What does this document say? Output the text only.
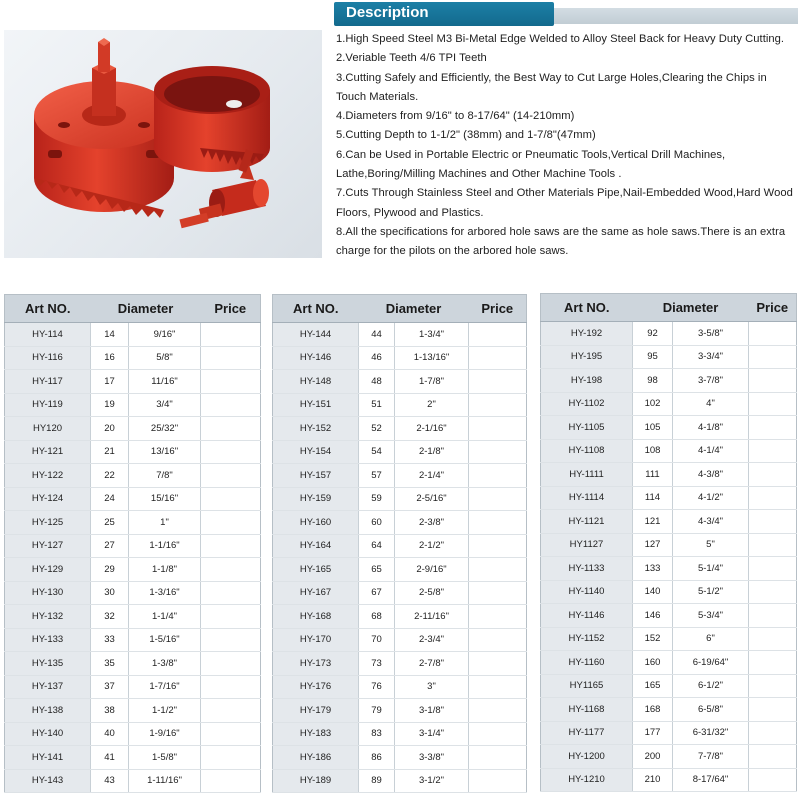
Description
1.High Speed Steel M3 Bi-Metal Edge Welded to Alloy Steel Back for Heavy Duty Cutting.
2.Veriable Teeth 4/6 TPI Teeth
3.Cutting Safely and Efficiently, the Best Way to Cut Large Holes,Clearing the Chips in Touch Materials.
4.Diameters from 9/16" to 8-17/64" (14-210mm)
5.Cutting Depth to 1-1/2" (38mm) and 1-7/8"(47mm)
6.Can be Used in Portable Electric or Pneumatic Tools,Vertical Drill Machines, Lathe,Boring/Milling Machines and Other Machine Tools .
7.Cuts Through Stainless Steel and Other Materials Pipe,Nail-Embedded Wood,Hard Wood Floors, Plywood and Plastics.
8.All the specifications for arbored hole saws are the same as hole saws.There is an extra charge for the pilots on the arbored hole saws.
Art NO.	Diameter		Price
HY-114	14	9/16"	
HY-116	16	5/8"	
HY-117	17	11/16"	
HY-119	19	3/4"	
HY120	20	25/32"	
HY-121	21	13/16"	
HY-122	22	7/8"	
HY-124	24	15/16"	
HY-125	25	1"	
HY-127	27	1-1/16"	
HY-129	29	1-1/8"	
HY-130	30	1-3/16"	
HY-132	32	1-1/4"	
HY-133	33	1-5/16"	
HY-135	35	1-3/8"	
HY-137	37	1-7/16"	
HY-138	38	1-1/2"	
HY-140	40	1-9/16"	
HY-141	41	1-5/8"	
HY-143	43	1-11/16"	
Art NO.	Diameter		Price
HY-144	44	1-3/4"	
HY-146	46	1-13/16"	
HY-148	48	1-7/8"	
HY-151	51	2"	
HY-152	52	2-1/16"	
HY-154	54	2-1/8"	
HY-157	57	2-1/4"	
HY-159	59	2-5/16"	
HY-160	60	2-3/8"	
HY-164	64	2-1/2"	
HY-165	65	2-9/16"	
HY-167	67	2-5/8"	
HY-168	68	2-11/16"	
HY-170	70	2-3/4"	
HY-173	73	2-7/8"	
HY-176	76	3"	
HY-179	79	3-1/8"	
HY-183	83	3-1/4"	
HY-186	86	3-3/8"	
HY-189	89	3-1/2"	
Art NO.	Diameter		Price
HY-192	92	3-5/8"	
HY-195	95	3-3/4"	
HY-198	98	3-7/8"	
HY-1102	102	4"	
HY-1105	105	4-1/8"	
HY-1108	108	4-1/4"	
HY-1111	111	4-3/8"	
HY-1114	114	4-1/2"	
HY-1121	121	4-3/4"	
HY1127	127	5"	
HY-1133	133	5-1/4"	
HY-1140	140	5-1/2"	
HY-1146	146	5-3/4"	
HY-1152	152	6"	
HY-1160	160	6-19/64"	
HY1165	165	6-1/2"	
HY-1168	168	6-5/8"	
HY-1177	177	6-31/32"	
HY-1200	200	7-7/8"	
HY-1210	210	8-17/64"	
